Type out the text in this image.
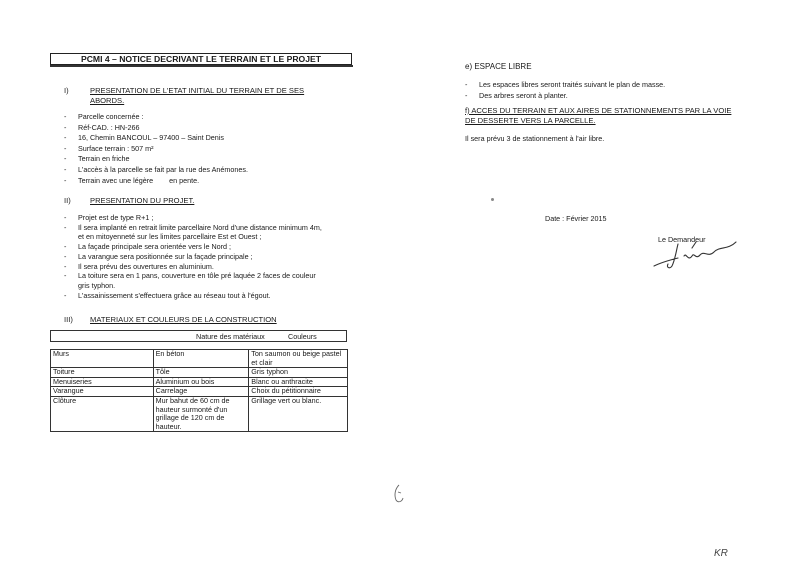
PCMI 4 – NOTICE DECRIVANT LE TERRAIN ET LE PROJET
I)	PRESENTATION DE L'ETAT INITIAL DU TERRAIN ET DE SES
ABORDS.
- Parcelle concernée :
- Réf-CAD. : HN-266
- 16, Chemin BANCOUL – 97400 – Saint Denis
- Surface terrain : 507 m²
- Terrain en friche
- L'accès à la parcelle se fait par la rue des Anémones.
- Terrain avec une légère        en pente.
II)	PRESENTATION DU PROJET.
- Projet est de type R+1 ;
- Il sera implanté en retrait limite parcellaire Nord d'une distance minimum 4m,
et en mitoyenneté sur les limites parcellaire Est et Ouest ;
- La façade principale sera orientée vers le Nord ;
- La varangue sera positionnée sur la façade principale ;
- Il sera prévu des ouvertures en aluminium.
- La toiture sera en 1 pans, couverture en tôle pré laquée 2 faces de couleur
gris typhon.
- L'assainissement s'effectuera grâce au réseau tout à l'égout.
III)	MATERIAUX ET COULEURS DE LA CONSTRUCTION
Nature des matériaux	Couleurs
Murs	En béton	Ton saumon ou beige pastel et clair
Toiture	Tôle	Gris typhon
Menuiseries	Aluminium ou bois	Blanc ou anthracite
Varangue	Carrelage	Choix du pétitionnaire
Clôture	Mur bahut de 60 cm de hauteur surmonté d'un grillage de 120 cm de hauteur.	Grillage vert ou blanc.
e) ESPACE LIBRE
- Les espaces libres seront traités suivant le plan de masse.
- Des arbres seront à planter.
f) ACCES DU TERRAIN ET AUX AIRES DE STATIONNEMENTS PAR LA VOIE
DE DESSERTE VERS LA PARCELLE.
Il sera prévu 3 de stationnement à l'air libre.
Date : Février 2015
Le Demandeur
KR
